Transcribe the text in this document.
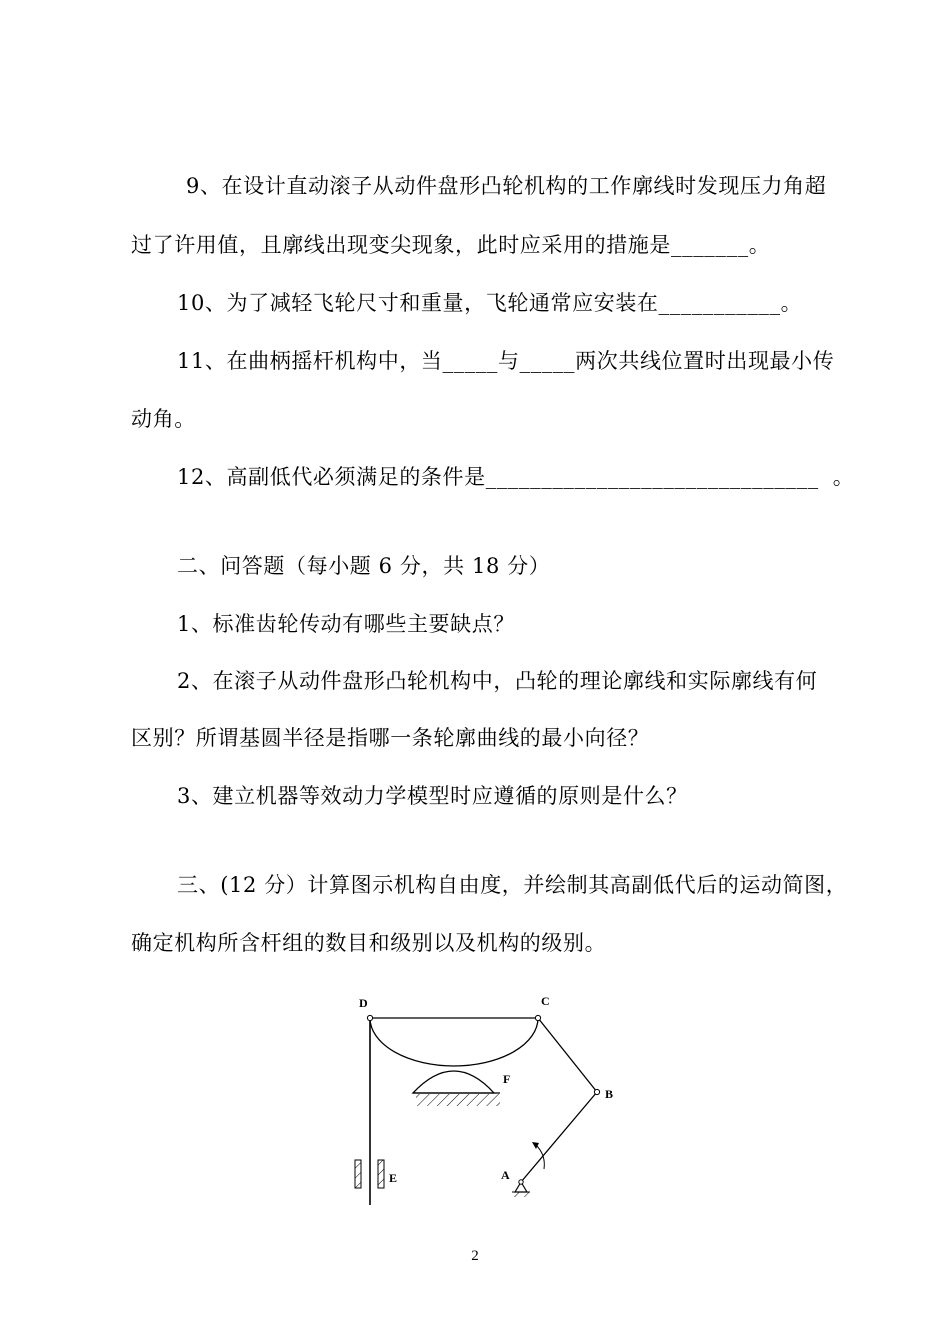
9、在设计直动滚子从动件盘形凸轮机构的工作廓线时发现压力角超
过了许用值，且廓线出现变尖现象，此时应采用的措施是_______。
10、为了减轻飞轮尺寸和重量，飞轮通常应安装在___________。
11、在曲柄摇杆机构中，当_____与_____两次共线位置时出现最小传
动角。
12、高副低代必须满足的条件是______________________________ 。
二、问答题（每小题 6 分，共 18 分）
1、标准齿轮传动有哪些主要缺点？
2、在滚子从动件盘形凸轮机构中，凸轮的理论廓线和实际廓线有何
区别？所谓基圆半径是指哪一条轮廓曲线的最小向径？
3、建立机器等效动力学模型时应遵循的原则是什么？
三、(12 分）计算图示机构自由度，并绘制其高副低代后的运动简图，
确定机构所含杆组的数目和级别以及机构的级别。
D	C
F
B
E	A
2
